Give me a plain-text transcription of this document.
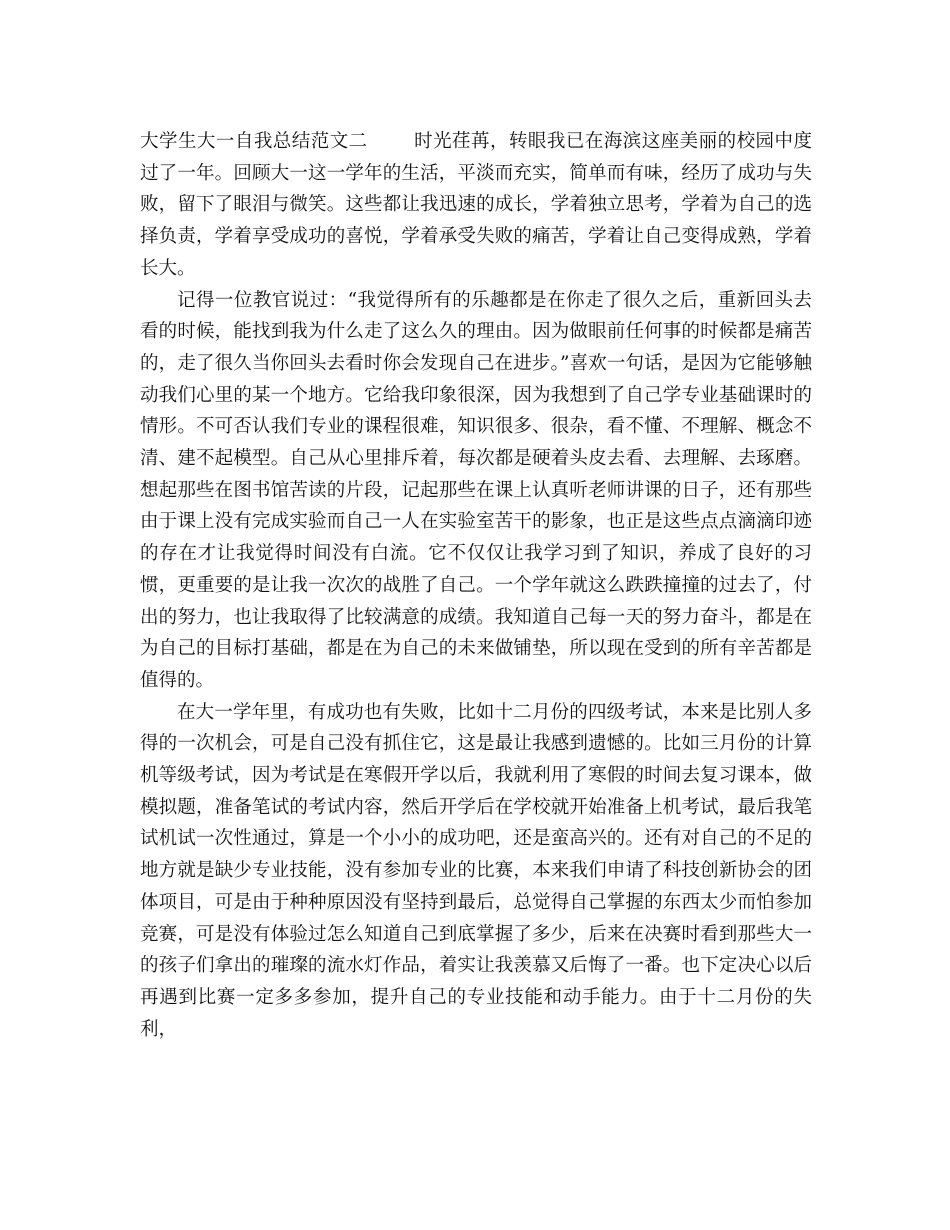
大学生大一自我总结范文二 时光荏苒，转眼我已在海滨这座美丽的校园中度过了一年。回顾大一这一学年的生活，平淡而充实，简单而有味，经历了成功与失败，留下了眼泪与微笑。这些都让我迅速的成长，学着独立思考，学着为自己的选择负责，学着享受成功的喜悦，学着承受失败的痛苦，学着让自己变得成熟，学着长大。

记得一位教官说过：“我觉得所有的乐趣都是在你走了很久之后，重新回头去看的时候，能找到我为什么走了这么久的理由。因为做眼前任何事的时候都是痛苦的，走了很久当你回头去看时你会发现自己在进步。”喜欢一句话，是因为它能够触动我们心里的某一个地方。它给我印象很深，因为我想到了自己学专业基础课时的情形。不可否认我们专业的课程很难，知识很多、很杂，看不懂、不理解、概念不清、建不起模型。自己从心里排斥着，每次都是硬着头皮去看、去理解、去琢磨。想起那些在图书馆苦读的片段，记起那些在课上认真听老师讲课的日子，还有那些由于课上没有完成实验而自己一人在实验室苦干的影象，也正是这些点点滴滴印迹的存在才让我觉得时间没有白流。它不仅仅让我学习到了知识，养成了良好的习惯，更重要的是让我一次次的战胜了自己。一个学年就这么跌跌撞撞的过去了，付出的努力，也让我取得了比较满意的成绩。我知道自己每一天的努力奋斗，都是在为自己的目标打基础，都是在为自己的未来做铺垫，所以现在受到的所有辛苦都是值得的。

在大一学年里，有成功也有失败，比如十二月份的四级考试，本来是比别人多得的一次机会，可是自己没有抓住它，这是最让我感到遗憾的。比如三月份的计算机等级考试，因为考试是在寒假开学以后，我就利用了寒假的时间去复习课本，做模拟题，准备笔试的考试内容，然后开学后在学校就开始准备上机考试，最后我笔试机试一次性通过，算是一个小小的成功吧，还是蛮高兴的。还有对自己的不足的地方就是缺少专业技能，没有参加专业的比赛，本来我们申请了科技创新协会的团体项目，可是由于种种原因没有坚持到最后，总觉得自己掌握的东西太少而怕参加竞赛，可是没有体验过怎么知道自己到底掌握了多少，后来在决赛时看到那些大一的孩子们拿出的璀璨的流水灯作品，着实让我羡慕又后悔了一番。也下定决心以后再遇到比赛一定多多参加，提升自己的专业技能和动手能力。由于十二月份的失利，
